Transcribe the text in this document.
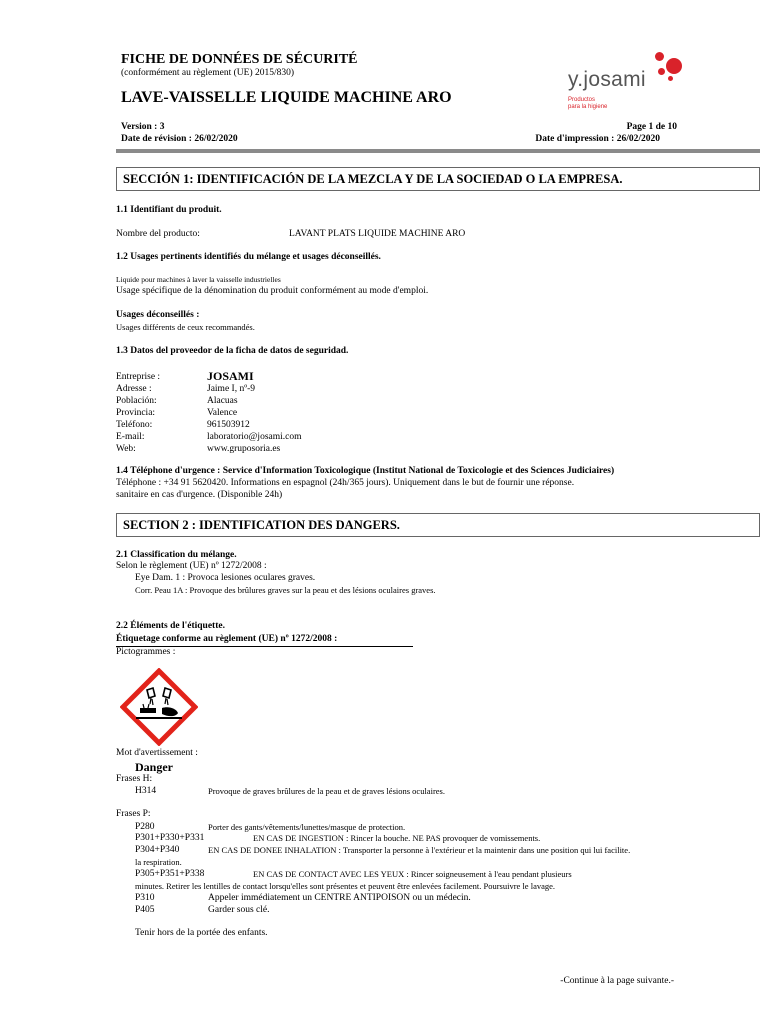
FICHE DE DONNÉES DE SÉCURITÉ
(conformément au règlement (UE) 2015/830)
LAVE-VAISSELLE LIQUIDE MACHINE ARO
y.josami
Productos
para la higiene
Version : 3
Date de révision : 26/02/2020
Page 1 de 10
Date d'impression : 26/02/2020
SECCIÓN 1: IDENTIFICACIÓN DE LA MEZCLA Y DE LA SOCIEDAD O LA EMPRESA.
1.1 Identifiant du produit.
Nombre del producto:	LAVANT PLATS LIQUIDE MACHINE ARO
1.2 Usages pertinents identifiés du mélange et usages déconseillés.
Liquide pour machines à laver la vaisselle industrielles
Usage spécifique de la dénomination du produit conformément au mode d'emploi.
Usages déconseillés :
Usages différents de ceux recommandés.
1.3 Datos del proveedor de la ficha de datos de seguridad.
Entreprise :	JOSAMI
Adresse :	Jaime I, nº-9
Población:	Alacuas
Provincia:	Valence
Teléfono:	961503912
E-mail:	laboratorio@josami.com
Web:	www.gruposoria.es
1.4 Téléphone d'urgence : Service d'Information Toxicologique (Institut National de Toxicologie et des Sciences Judiciaires)
Téléphone : +34 91 5620420. Informations en espagnol (24h/365 jours). Uniquement dans le but de fournir une réponse.
sanitaire en cas d'urgence. (Disponible 24h)
SECTION 2 : IDENTIFICATION DES DANGERS.
2.1 Classification du mélange.
Selon le règlement (UE) nº 1272/2008 :
Eye Dam. 1 : Provoca lesiones oculares graves.
Corr. Peau 1A : Provoque des brûlures graves sur la peau et des lésions oculaires graves.
2.2 Éléments de l'étiquette.
Étiquetage conforme au règlement (UE) nº 1272/2008 :
Pictogrammes :
Mot d'avertissement :
Danger
Frases H:
H314	Provoque de graves brûlures de la peau et de graves lésions oculaires.
Frases P:
P280	Porter des gants/vêtements/lunettes/masque de protection.
P301+P330+P331	EN CAS DE INGESTION : Rincer la bouche. NE PAS provoquer de vomissements.
P304+P340	EN CAS DE DONEE INHALATION : Transporter la personne à l'extérieur et la maintenir dans une position qui lui facilite.
la respiration.
P305+P351+P338	EN CAS DE CONTACT AVEC LES YEUX : Rincer soigneusement à l'eau pendant plusieurs
minutes. Retirer les lentilles de contact lorsqu'elles sont présentes et peuvent être enlevées facilement. Poursuivre le lavage.
P310	Appeler immédiatement un CENTRE ANTIPOISON ou un médecin.
P405	Garder sous clé.
Tenir hors de la portée des enfants.
-Continue à la page suivante.-
